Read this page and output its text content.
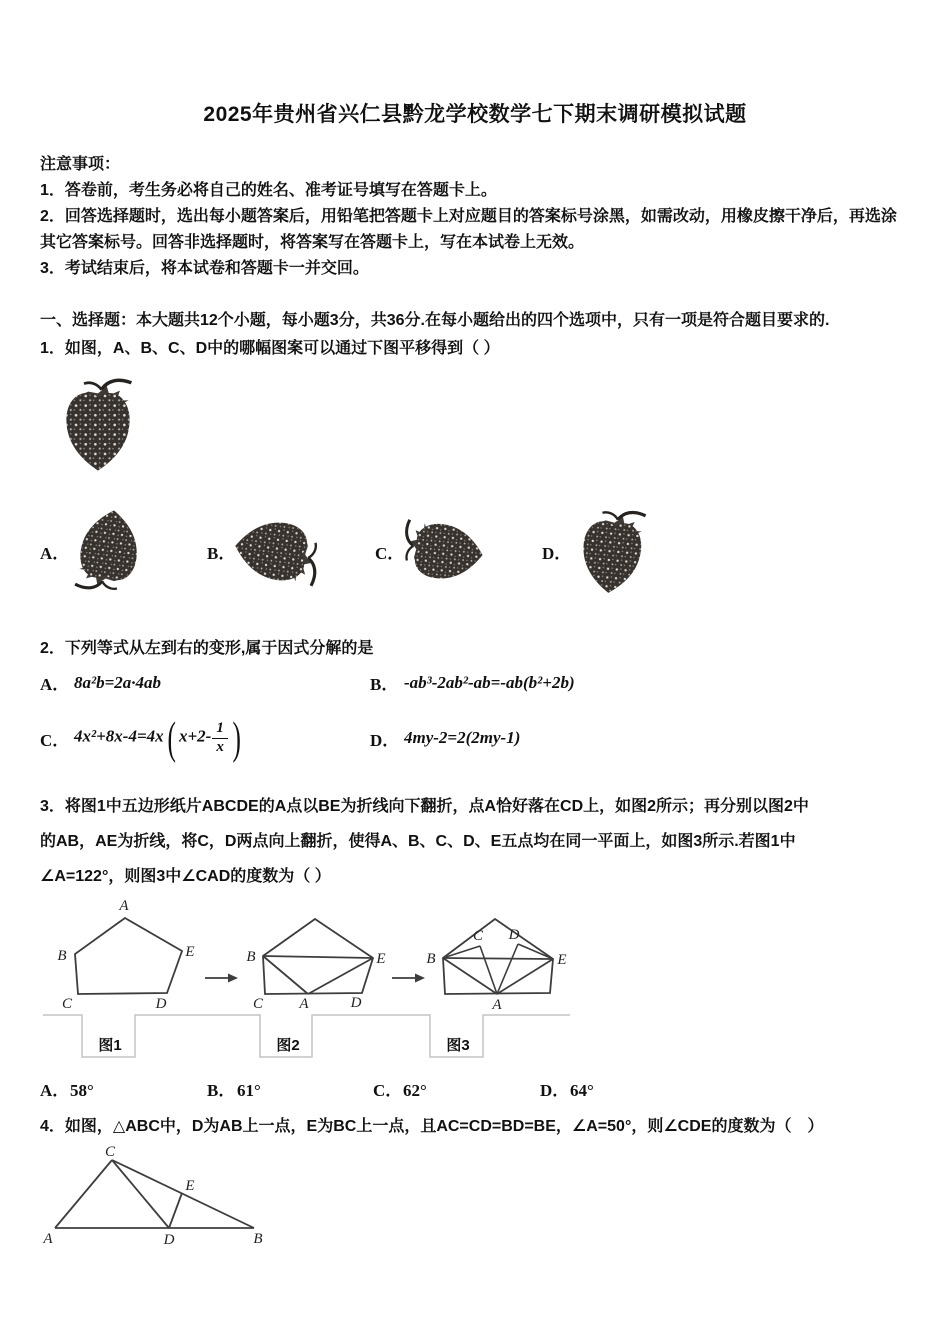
2025年贵州省兴仁县黔龙学校数学七下期末调研模拟试题
注意事项：
1．答卷前，考生务必将自己的姓名、准考证号填写在答题卡上。
2．回答选择题时，选出每小题答案后，用铅笔把答题卡上对应题目的答案标号涂黑，如需改动，用橡皮擦干净后，再选涂其它答案标号。回答非选择题时，将答案写在答题卡上，写在本试卷上无效。
3．考试结束后，将本试卷和答题卡一并交回。
一、选择题：本大题共12个小题，每小题3分，共36分.在每小题给出的四个选项中，只有一项是符合题目要求的.
1．如图，A、B、C、D中的哪幅图案可以通过下图平移得到（ ）
A．	B．	C．	D．
2．下列等式从左到右的变形,属于因式分解的是
A． 8a²b=2a·4ab	B． -ab³-2ab²-ab=-ab(b²+2b)
C． 4x²+8x-4=4x( $x+2- \frac{1}{x}$ )	D． 4my-2=2(2my-1)
3．将图1中五边形纸片ABCDE的A点以BE为折线向下翻折，点A恰好落在CD上，如图2所示；再分别以图2中
的AB，AE为折线，将C，D两点向上翻折，使得A、B、C、D、E五点均在同一平面上，如图3所示.若图1中
∠A=122°，则图3中∠CAD的度数为（ ）
A
B	E
C	D
B	E
C A	D
B	E
C D
A
图1	图2	图3
A． 58°	B． 61°	C． 62°	D． 64°
4．如图，△ABC中，D为AB上一点，E为BC上一点，且AC=CD=BD=BE，∠A=50°，则∠CDE的度数为（　）
C
E
A	D	B
